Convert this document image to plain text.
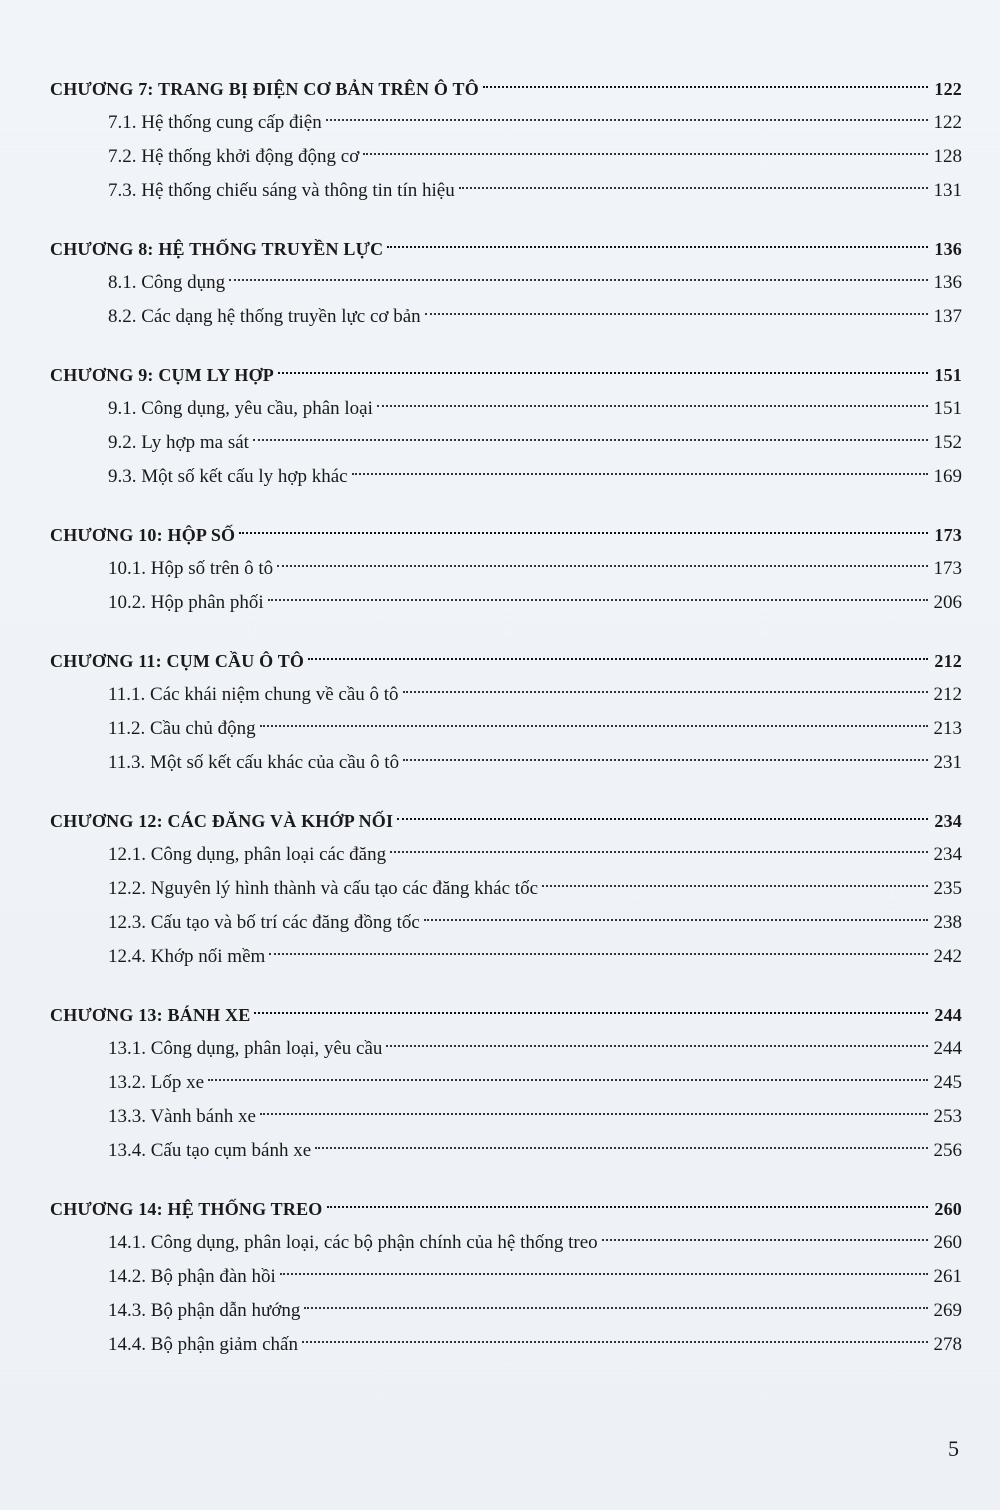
CHƯƠNG 7: TRANG BỊ ĐIỆN CƠ BẢN TRÊN Ô TÔ	122
7.1. Hệ thống cung cấp điện	122
7.2. Hệ thống khởi động động cơ	128
7.3. Hệ thống chiếu sáng và thông tin tín hiệu	131
CHƯƠNG 8: HỆ THỐNG TRUYỀN LỰC	136
8.1. Công dụng	136
8.2. Các dạng hệ thống truyền lực cơ bản	137
CHƯƠNG 9: CỤM LY HỢP	151
9.1. Công dụng, yêu cầu, phân loại	151
9.2. Ly hợp ma sát	152
9.3. Một số kết cấu ly hợp khác	169
CHƯƠNG 10: HỘP SỐ	173
10.1. Hộp số trên ô tô	173
10.2. Hộp phân phối	206
CHƯƠNG 11: CỤM CẦU Ô TÔ	212
11.1. Các khái niệm chung về cầu ô tô	212
11.2. Cầu chủ động	213
11.3. Một số kết cấu khác của cầu ô tô	231
CHƯƠNG 12: CÁC ĐĂNG VÀ KHỚP NỐI	234
12.1. Công dụng, phân loại các đăng	234
12.2. Nguyên lý hình thành và cấu tạo các đăng khác tốc	235
12.3. Cấu tạo và bố trí các đăng đồng tốc	238
12.4. Khớp nối mềm	242
CHƯƠNG 13: BÁNH XE	244
13.1. Công dụng, phân loại, yêu cầu	244
13.2. Lốp xe	245
13.3. Vành bánh xe	253
13.4. Cấu tạo cụm bánh xe	256
CHƯƠNG 14: HỆ THỐNG TREO	260
14.1. Công dụng, phân loại, các bộ phận chính của hệ thống treo	260
14.2. Bộ phận đàn hồi	261
14.3. Bộ phận dẫn hướng	269
14.4. Bộ phận giảm chấn	278
5
